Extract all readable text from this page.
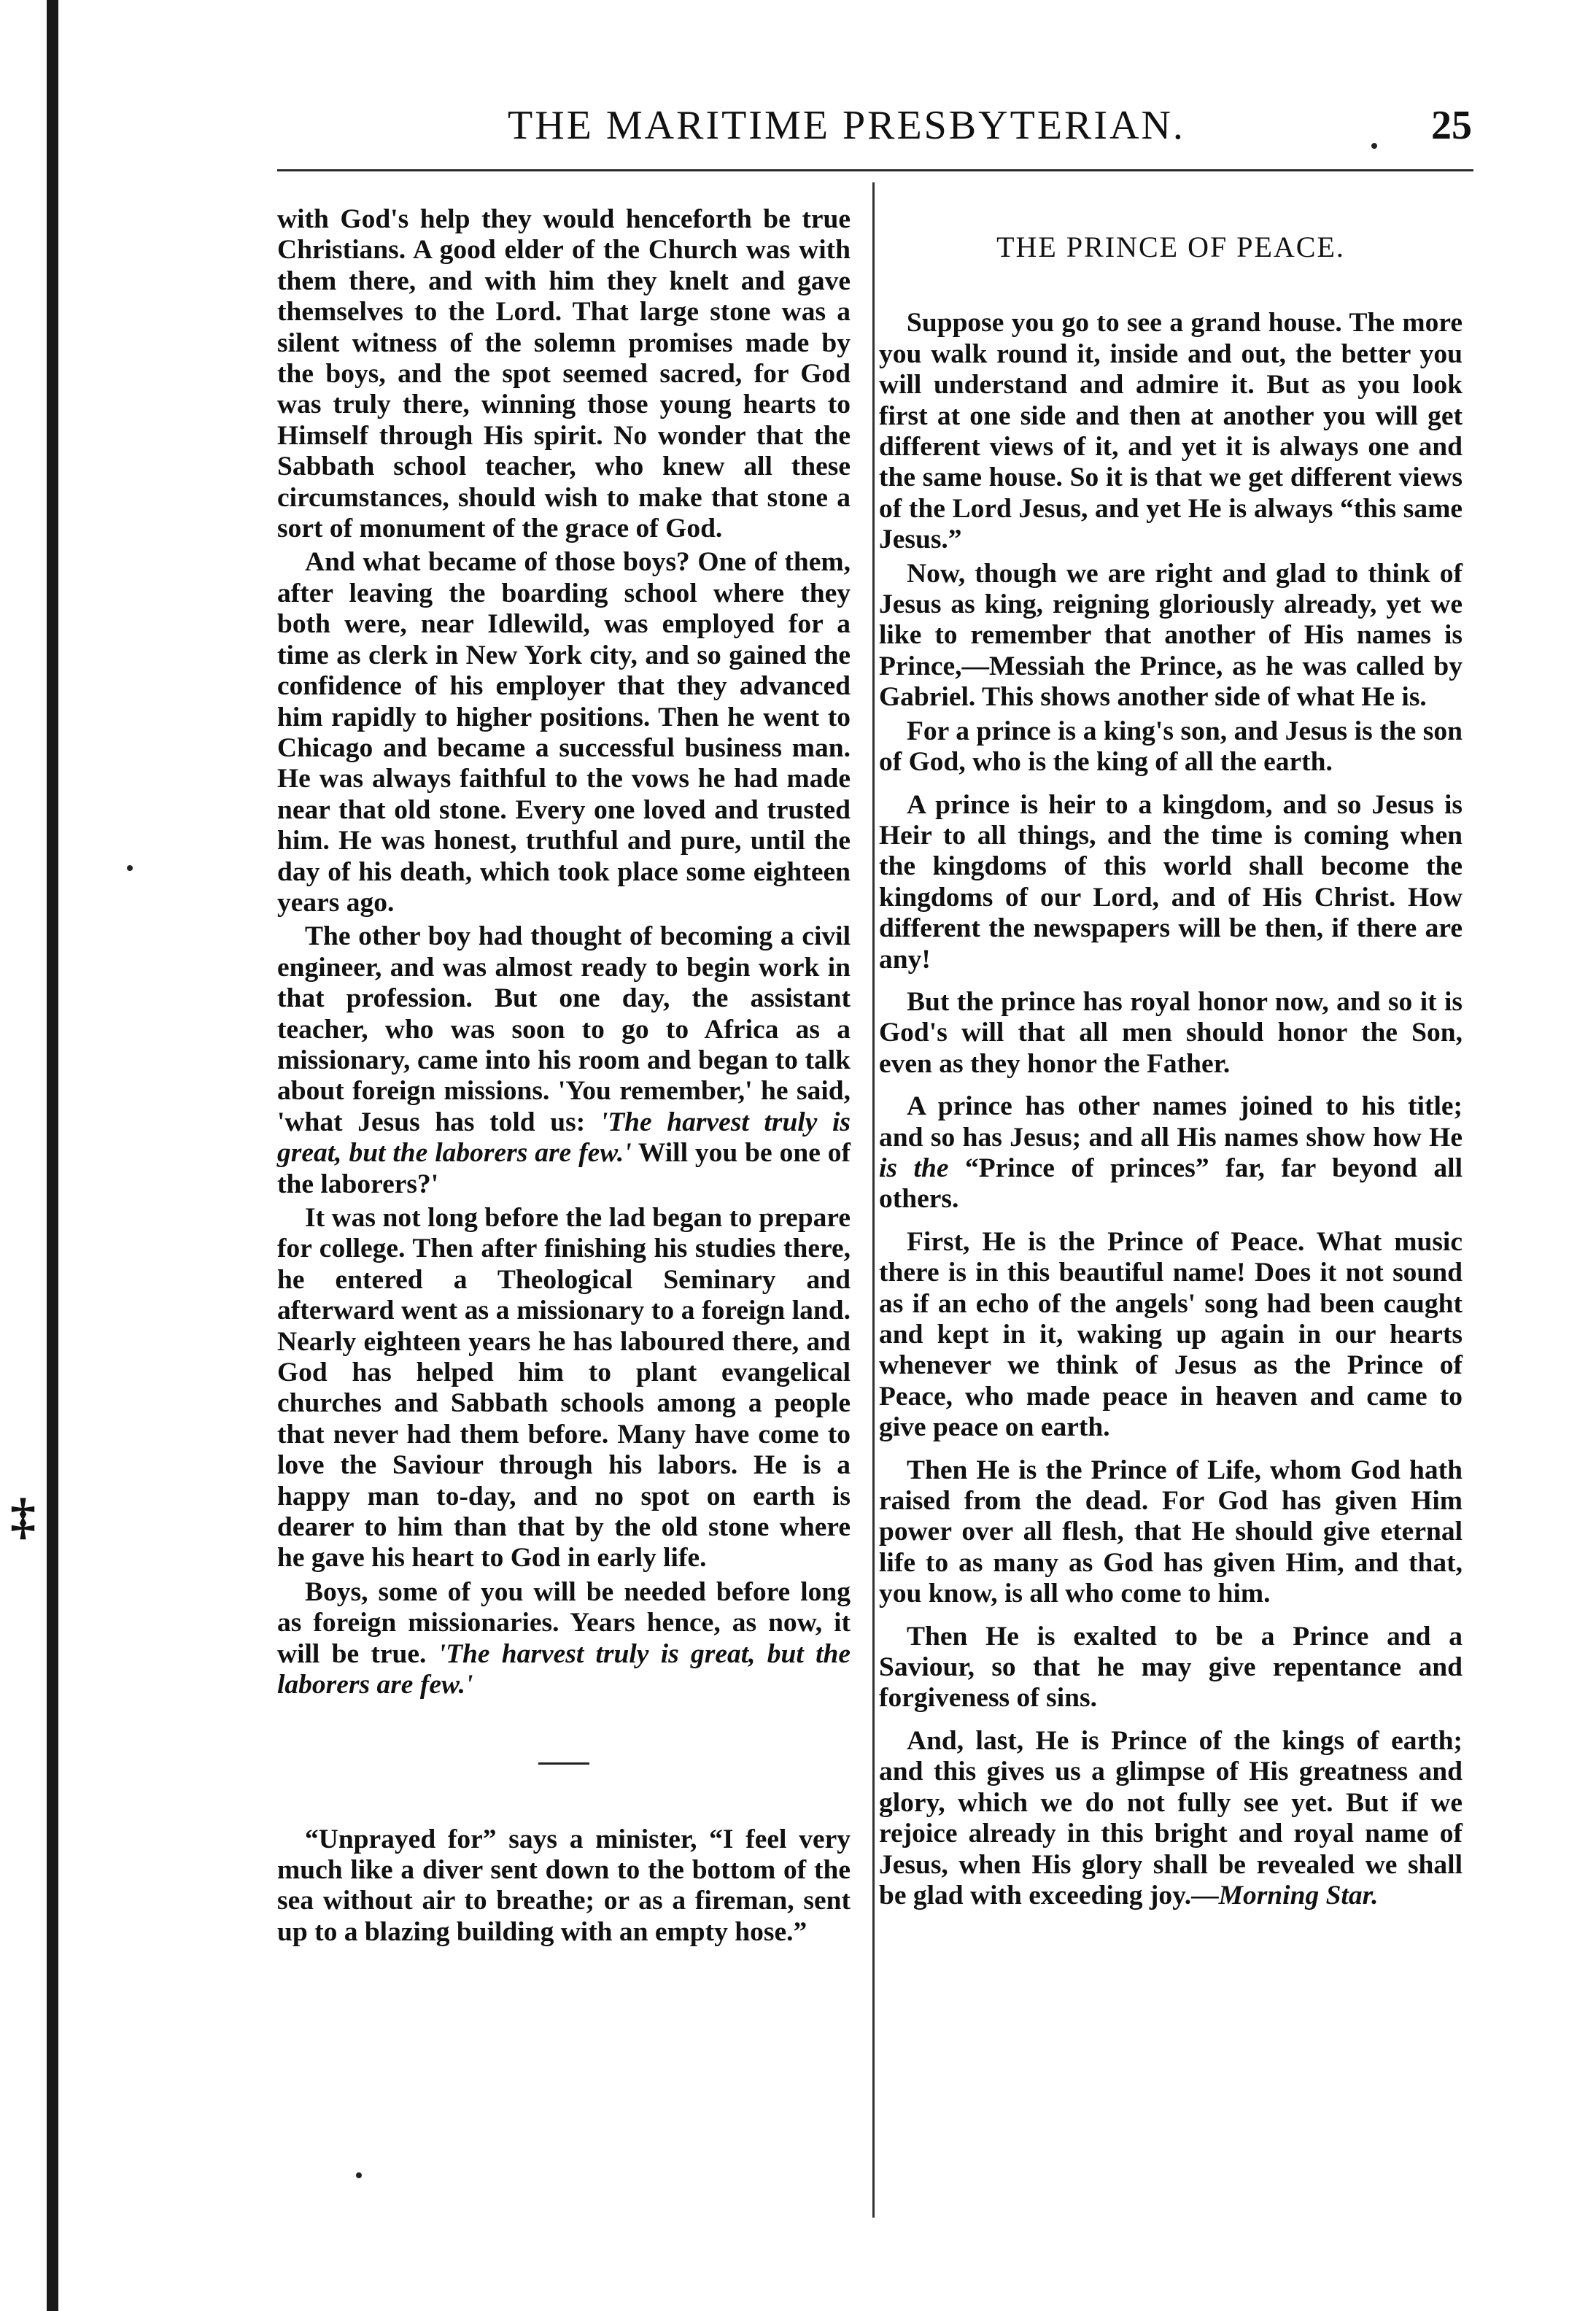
‡
THE MARITIME PRESBYTERIAN.	25

with God's help they would henceforth be true Christians. A good elder of the Church was with them there, and with him they knelt and gave themselves to the Lord. That large stone was a silent witness of the solemn promises made by the boys, and the spot seemed sacred, for God was truly there, winning those young hearts to Himself through His spirit. No wonder that the Sabbath school teacher, who knew all these circumstances, should wish to make that stone a sort of monument of the grace of God.

And what became of those boys? One of them, after leaving the boarding school where they both were, near Idlewild, was employed for a time as clerk in New York city, and so gained the confidence of his employer that they advanced him rapidly to higher positions. Then he went to Chicago and became a successful business man. He was always faithful to the vows he had made near that old stone. Every one loved and trusted him. He was honest, truthful and pure, until the day of his death, which took place some eighteen years ago.

The other boy had thought of becoming a civil engineer, and was almost ready to begin work in that profession. But one day, the assistant teacher, who was soon to go to Africa as a missionary, came into his room and began to talk about foreign missions. 'You remember,' he said, 'what Jesus has told us: 'The harvest truly is great, but the laborers are few.' Will you be one of the laborers?'

It was not long before the lad began to prepare for college. Then after finishing his studies there, he entered a Theological Seminary and afterward went as a missionary to a foreign land. Nearly eighteen years he has laboured there, and God has helped him to plant evangelical churches and Sabbath schools among a people that never had them before. Many have come to love the Saviour through his labors. He is a happy man to-day, and no spot on earth is dearer to him than that by the old stone where he gave his heart to God in early life.

Boys, some of you will be needed before long as foreign missionaries. Years hence, as now, it will be true. 'The harvest truly is great, but the laborers are few.'

“Unprayed for” says a minister, “I feel very much like a diver sent down to the bottom of the sea without air to breathe; or as a fireman, sent up to a blazing building with an empty hose.”

THE PRINCE OF PEACE.

Suppose you go to see a grand house. The more you walk round it, inside and out, the better you will understand and admire it. But as you look first at one side and then at another you will get different views of it, and yet it is always one and the same house. So it is that we get different views of the Lord Jesus, and yet He is always “this same Jesus.”

Now, though we are right and glad to think of Jesus as king, reigning gloriously already, yet we like to remember that another of His names is Prince,—Messiah the Prince, as he was called by Gabriel. This shows another side of what He is.

For a prince is a king's son, and Jesus is the son of God, who is the king of all the earth.

A prince is heir to a kingdom, and so Jesus is Heir to all things, and the time is coming when the kingdoms of this world shall become the kingdoms of our Lord, and of His Christ. How different the newspapers will be then, if there are any!

But the prince has royal honor now, and so it is God's will that all men should honor the Son, even as they honor the Father.

A prince has other names joined to his title; and so has Jesus; and all His names show how He is the “Prince of princes” far, far beyond all others.

First, He is the Prince of Peace. What music there is in this beautiful name! Does it not sound as if an echo of the angels' song had been caught and kept in it, waking up again in our hearts whenever we think of Jesus as the Prince of Peace, who made peace in heaven and came to give peace on earth.

Then He is the Prince of Life, whom God hath raised from the dead. For God has given Him power over all flesh, that He should give eternal life to as many as God has given Him, and that, you know, is all who come to him.

Then He is exalted to be a Prince and a Saviour, so that he may give repentance and forgiveness of sins.

And, last, He is Prince of the kings of earth; and this gives us a glimpse of His greatness and glory, which we do not fully see yet. But if we rejoice already in this bright and royal name of Jesus, when His glory shall be revealed we shall be glad with exceeding joy.—Morning Star.
